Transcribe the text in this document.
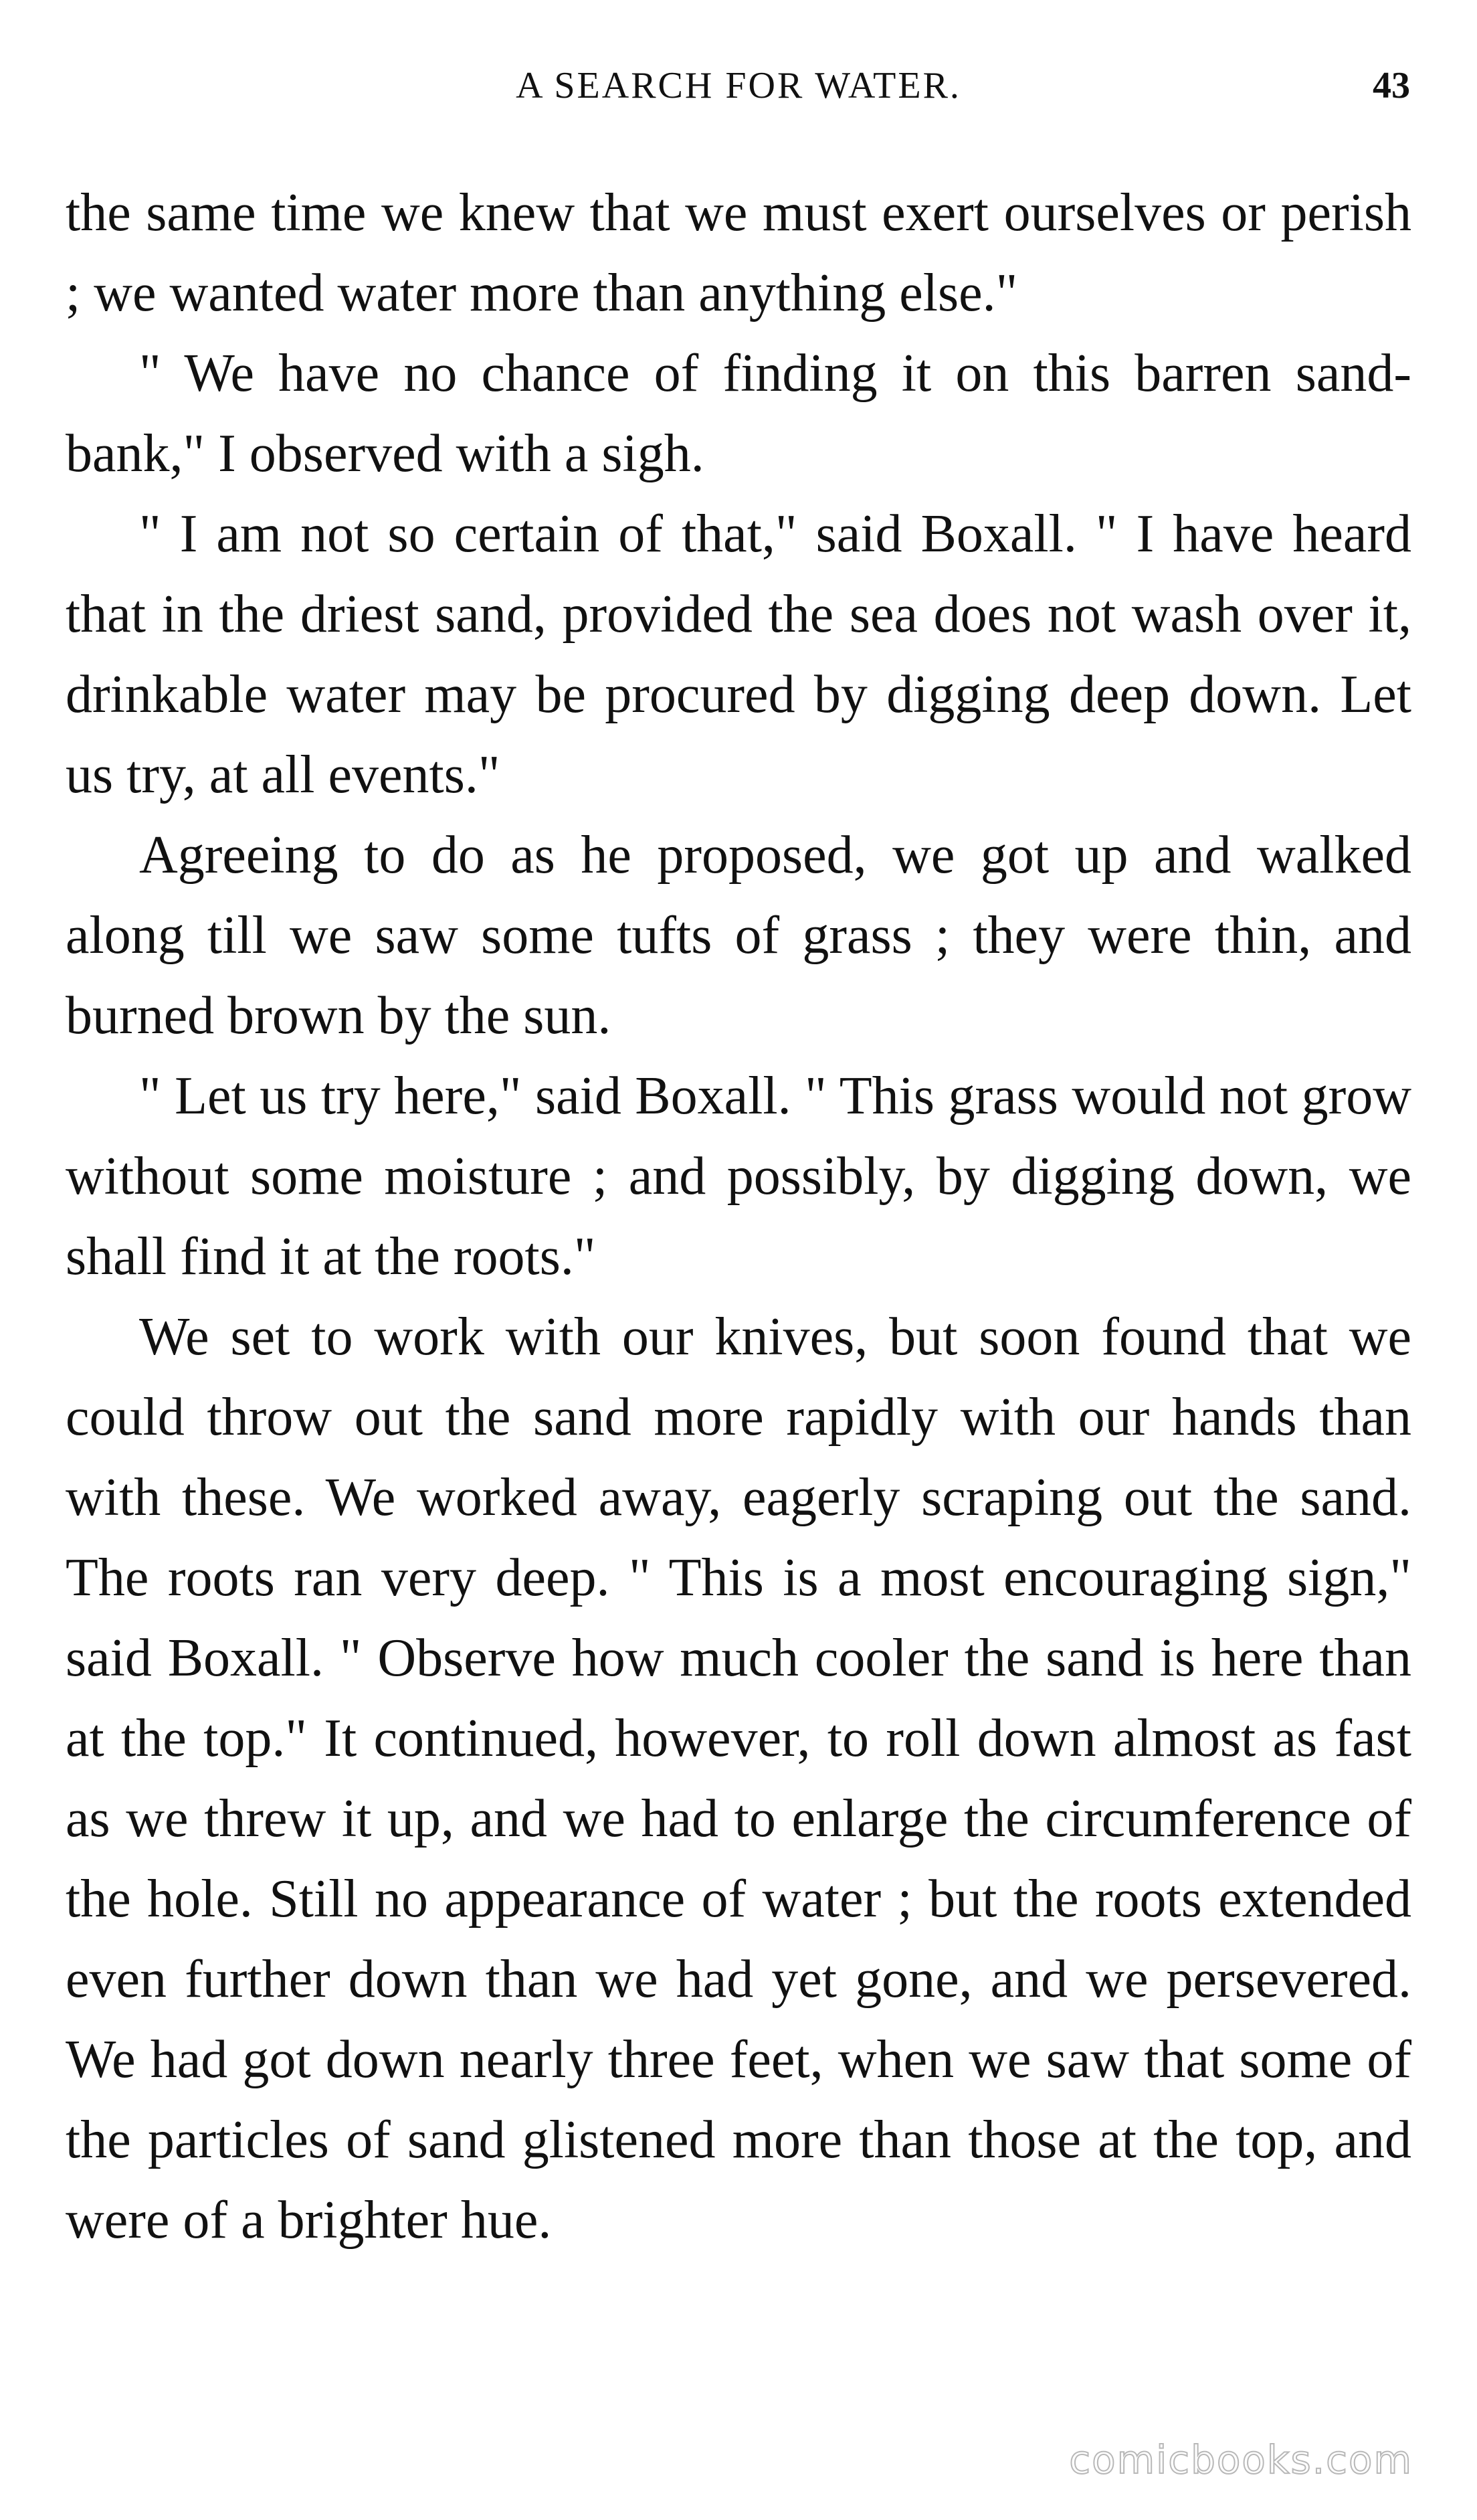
A SEARCH FOR WATER.	43

the same time we knew that we must exert ourselves or perish ; we wanted water more than anything else."

" We have no chance of finding it on this barren sand-bank," I observed with a sigh.

" I am not so certain of that," said Boxall. " I have heard that in the driest sand, provided the sea does not wash over it, drinkable water may be procured by digging deep down. Let us try, at all events."

Agreeing to do as he proposed, we got up and walked along till we saw some tufts of grass ; they were thin, and burned brown by the sun.

" Let us try here," said Boxall. " This grass would not grow without some moisture ; and possibly, by digging down, we shall find it at the roots."

We set to work with our knives, but soon found that we could throw out the sand more rapidly with our hands than with these. We worked away, eagerly scraping out the sand. The roots ran very deep. " This is a most encouraging sign," said Boxall. " Observe how much cooler the sand is here than at the top." It continued, however, to roll down almost as fast as we threw it up, and we had to enlarge the circumference of the hole. Still no appearance of water ; but the roots extended even further down than we had yet gone, and we persevered. We had got down nearly three feet, when we saw that some of the particles of sand glistened more than those at the top, and were of a brighter hue.

comicbooks.com
